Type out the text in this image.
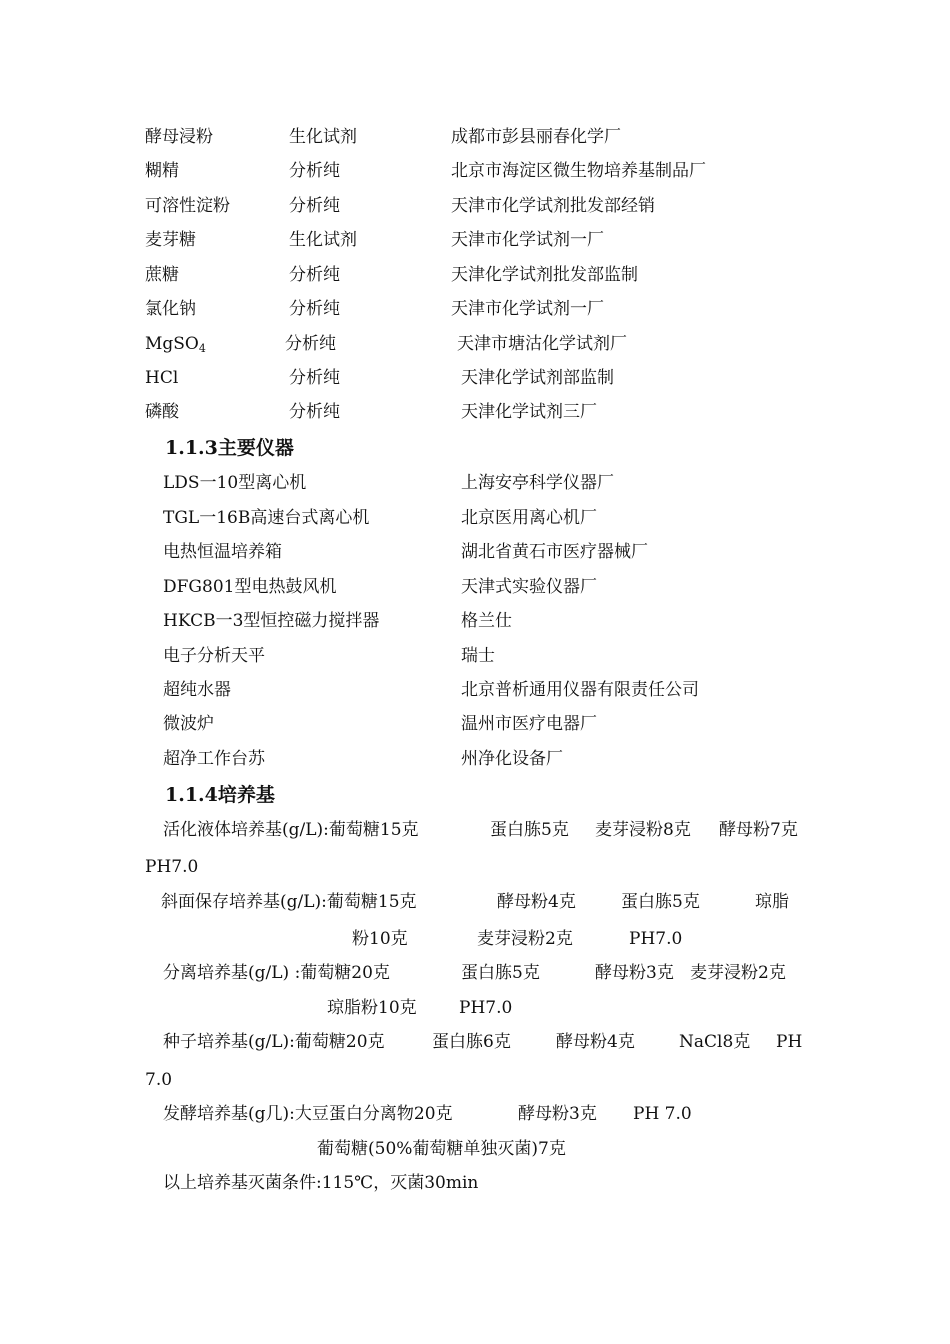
酵母浸粉	生化试剂	成都市彭县丽春化学厂
糊精	分析纯	北京市海淀区微生物培养基制品厂
可溶性淀粉	分析纯	天津市化学试剂批发部经销
麦芽糖	生化试剂	天津市化学试剂一厂
蔗糖	分析纯	天津化学试剂批发部监制
氯化钠	分析纯	天津市化学试剂一厂
MgSO$_4$	分析纯	天津市塘沽化学试剂厂
HCl	分析纯	天津化学试剂部监制
磷酸	分析纯	天津化学试剂三厂
1.1.3主要仪器
LDS一10型离心机	上海安亭科学仪器厂
TGL一16B高速台式离心机	北京医用离心机厂
电热恒温培养箱	湖北省黄石市医疗器械厂
DFG801型电热鼓风机	天津式实验仪器厂
HKCB一3型恒控磁力搅拌器	格兰仕
电子分析天平	瑞士
超纯水器	北京普析通用仪器有限责任公司
微波炉	温州市医疗电器厂
超净工作台苏	州净化设备厂
1.1.4培养基
活化液体培养基(g/L):葡萄糖15克	蛋白胨5克 麦芽浸粉8克 酵母粉7克
PH7.0
斜面保存培养基(g/L):葡萄糖15克	酵母粉4克	蛋白胨5克	琼脂
粉10克	麦芽浸粉2克	PH7.0
分离培养基(g/L) :葡萄糖20克	蛋白胨5克	酵母粉3克 麦芽浸粉2克
琼脂粉10克 PH7.0
种子培养基(g/L):葡萄糖20克	蛋白胨6克	酵母粉4克	NaCl8克 PH
7.0
发酵培养基(g几):大豆蛋白分离物20克	酵母粉3克 PH 7.0
葡萄糖(50%葡萄糖单独灭菌)7克
以上培养基灭菌条件:115℃，灭菌30min
